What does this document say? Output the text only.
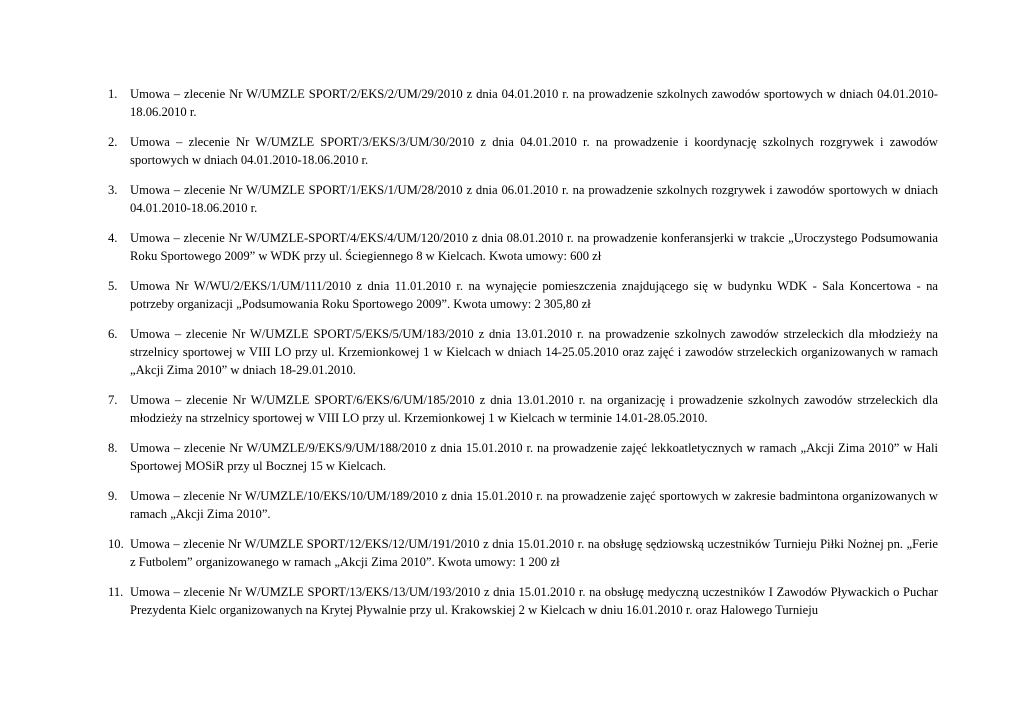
1. Umowa – zlecenie Nr W/UMZLE SPORT/2/EKS/2/UM/29/2010 z dnia 04.01.2010 r. na prowadzenie szkolnych zawodów sportowych w dniach 04.01.2010-18.06.2010 r.
2. Umowa – zlecenie Nr W/UMZLE SPORT/3/EKS/3/UM/30/2010 z dnia 04.01.2010 r. na prowadzenie i koordynację szkolnych rozgrywek i zawodów sportowych w dniach 04.01.2010-18.06.2010 r.
3. Umowa – zlecenie Nr W/UMZLE SPORT/1/EKS/1/UM/28/2010 z dnia 06.01.2010 r. na prowadzenie szkolnych rozgrywek i zawodów sportowych w dniach 04.01.2010-18.06.2010 r.
4. Umowa – zlecenie Nr W/UMZLE-SPORT/4/EKS/4/UM/120/2010 z dnia 08.01.2010 r. na prowadzenie konferansjerki w trakcie „Uroczystego Podsumowania Roku Sportowego 2009” w WDK przy ul. Ściegiennego 8 w Kielcach. Kwota umowy: 600 zł
5. Umowa Nr W/WU/2/EKS/1/UM/111/2010 z dnia 11.01.2010 r. na wynajęcie pomieszczenia znajdującego się w budynku WDK - Sala Koncertowa - na potrzeby organizacji „Podsumowania Roku Sportowego 2009”. Kwota umowy: 2 305,80 zł
6. Umowa – zlecenie Nr W/UMZLE SPORT/5/EKS/5/UM/183/2010 z dnia 13.01.2010 r. na prowadzenie szkolnych zawodów strzeleckich dla młodzieży na strzelnicy sportowej w VIII LO przy ul. Krzemionkowej 1 w Kielcach w dniach 14-25.05.2010 oraz zajęć i zawodów strzeleckich organizowanych w ramach „Akcji Zima 2010” w dniach 18-29.01.2010.
7. Umowa – zlecenie Nr W/UMZLE SPORT/6/EKS/6/UM/185/2010 z dnia 13.01.2010 r. na organizację i prowadzenie szkolnych zawodów strzeleckich dla młodzieży na strzelnicy sportowej w VIII LO przy ul. Krzemionkowej 1 w Kielcach w terminie 14.01-28.05.2010.
8. Umowa – zlecenie Nr W/UMZLE/9/EKS/9/UM/188/2010 z dnia 15.01.2010 r. na prowadzenie zajęć lekkoatletycznych w ramach „Akcji Zima 2010” w Hali Sportowej MOSiR przy ul Bocznej 15 w Kielcach.
9. Umowa – zlecenie Nr W/UMZLE/10/EKS/10/UM/189/2010 z dnia 15.01.2010 r. na prowadzenie zajęć sportowych w zakresie badmintona organizowanych w ramach „Akcji Zima 2010”.
10. Umowa – zlecenie Nr W/UMZLE SPORT/12/EKS/12/UM/191/2010 z dnia 15.01.2010 r. na obsługę sędziowską uczestników Turnieju Piłki Nożnej pn. „Ferie z Futbolem” organizowanego w ramach „Akcji Zima 2010”. Kwota umowy: 1 200 zł
11. Umowa – zlecenie Nr W/UMZLE SPORT/13/EKS/13/UM/193/2010 z dnia 15.01.2010 r. na obsługę medyczną uczestników I Zawodów Pływackich o Puchar Prezydenta Kielc organizowanych na Krytej Pływalnie przy ul. Krakowskiej 2 w Kielcach w dniu 16.01.2010 r. oraz Halowego Turnieju
